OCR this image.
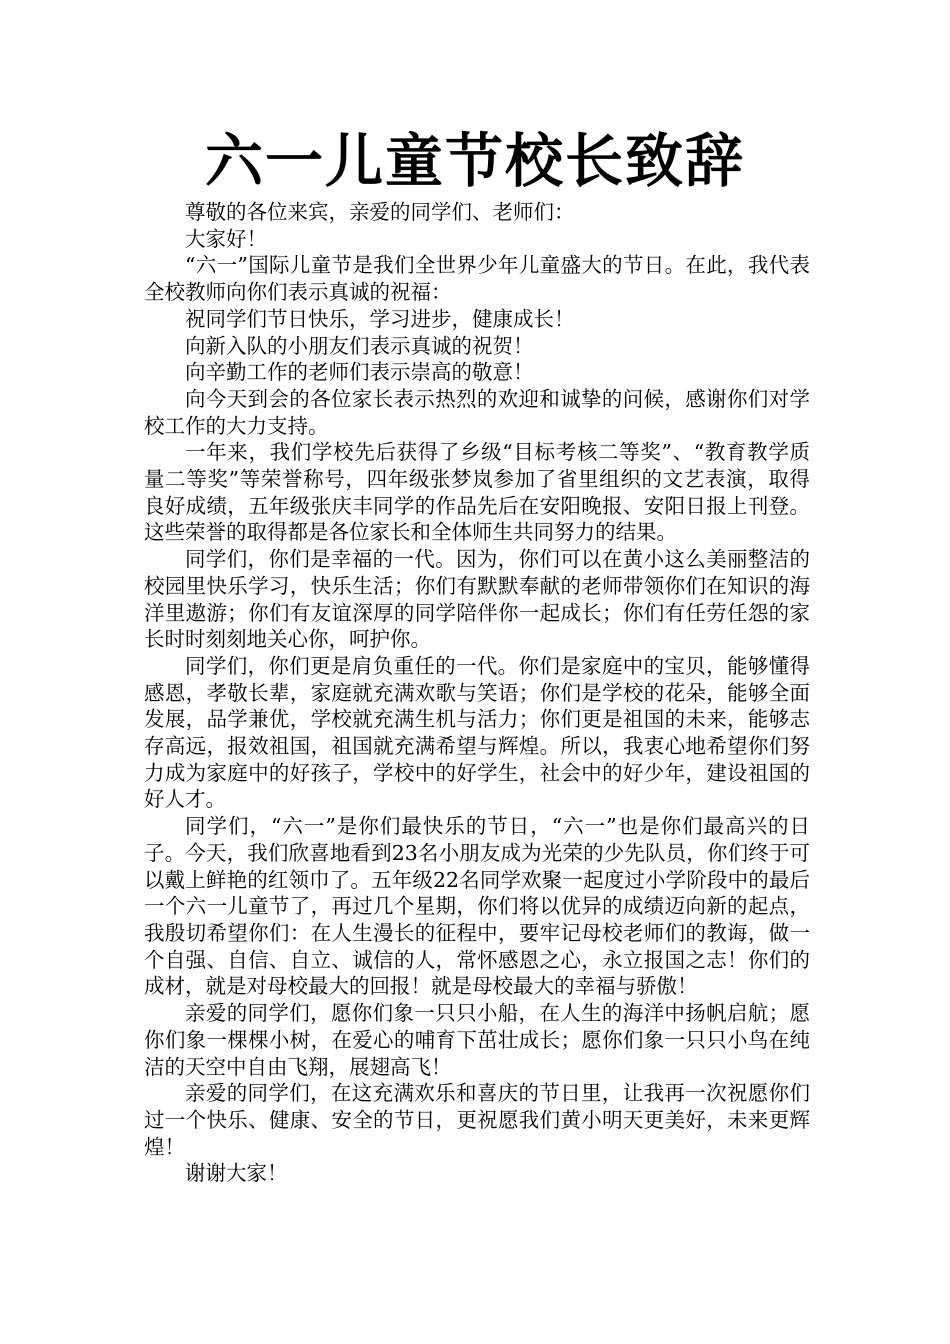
六一儿童节校长致辞

尊敬的各位来宾，亲爱的同学们、老师们：

大家好！

“六一”国际儿童节是我们全世界少年儿童盛大的节日。在此，我代表全校教师向你们表示真诚的祝福：

祝同学们节日快乐，学习进步，健康成长！

向新入队的小朋友们表示真诚的祝贺！

向辛勤工作的老师们表示崇高的敬意！

向今天到会的各位家长表示热烈的欢迎和诚挚的问候，感谢你们对学校工作的大力支持。

一年来，我们学校先后获得了乡级“目标考核二等奖”、“教育教学质量二等奖”等荣誉称号，四年级张梦岚参加了省里组织的文艺表演，取得良好成绩，五年级张庆丰同学的作品先后在安阳晚报、安阳日报上刊登。这些荣誉的取得都是各位家长和全体师生共同努力的结果。

同学们，你们是幸福的一代。因为，你们可以在黄小这么美丽整洁的校园里快乐学习，快乐生活；你们有默默奉献的老师带领你们在知识的海洋里遨游；你们有友谊深厚的同学陪伴你一起成长；你们有任劳任怨的家长时时刻刻地关心你，呵护你。

同学们，你们更是肩负重任的一代。你们是家庭中的宝贝，能够懂得感恩，孝敬长辈，家庭就充满欢歌与笑语；你们是学校的花朵，能够全面发展，品学兼优，学校就充满生机与活力；你们更是祖国的未来，能够志存高远，报效祖国，祖国就充满希望与辉煌。所以，我衷心地希望你们努力成为家庭中的好孩子，学校中的好学生，社会中的好少年，建设祖国的好人才。

同学们，“六一”是你们最快乐的节日，“六一”也是你们最高兴的日子。今天，我们欣喜地看到23名小朋友成为光荣的少先队员，你们终于可以戴上鲜艳的红领巾了。五年级22名同学欢聚一起度过小学阶段中的最后一个六一儿童节了，再过几个星期，你们将以优异的成绩迈向新的起点，我殷切希望你们：在人生漫长的征程中，要牢记母校老师们的教诲，做一个自强、自信、自立、诚信的人，常怀感恩之心，永立报国之志！你们的成材，就是对母校最大的回报！就是母校最大的幸福与骄傲！

亲爱的同学们，愿你们象一只只小船，在人生的海洋中扬帆启航；愿你们象一棵棵小树，在爱心的哺育下茁壮成长；愿你们象一只只小鸟在纯洁的天空中自由飞翔，展翅高飞！

亲爱的同学们，在这充满欢乐和喜庆的节日里，让我再一次祝愿你们过一个快乐、健康、安全的节日，更祝愿我们黄小明天更美好，未来更辉煌！

谢谢大家！
